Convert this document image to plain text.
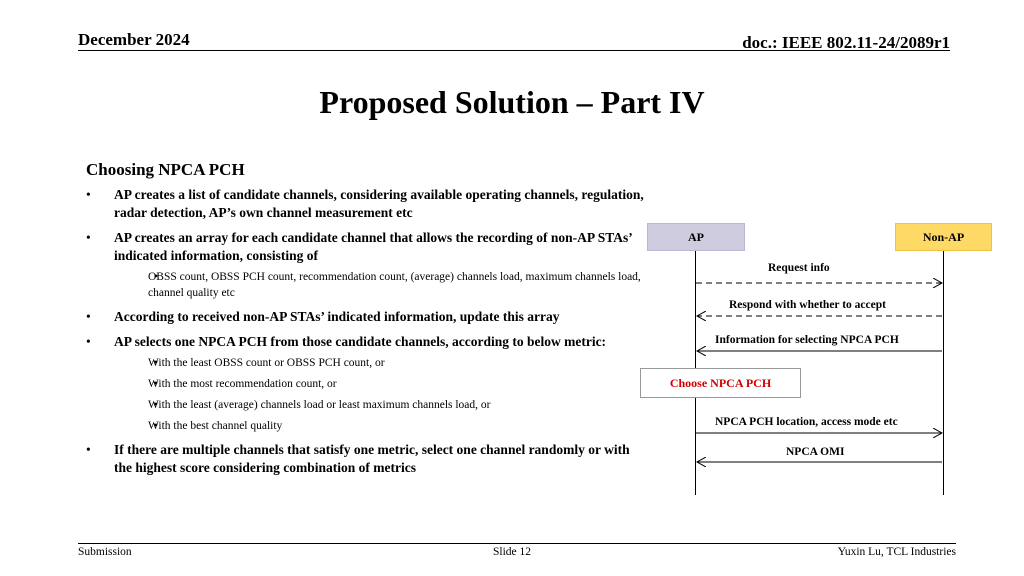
December 2024	doc.: IEEE 802.11-24/2089r1
Proposed Solution – Part IV
Choosing NPCA PCH
• AP creates a list of candidate channels, considering available operating channels, regulation, radar detection, AP’s own channel measurement etc
• AP creates an array for each candidate channel that allows the recording of non-AP STAs’ indicated information, consisting of
• OBSS count, OBSS PCH count, recommendation count, (average) channels load, maximum channels load, channel quality etc
• According to received non-AP STAs’ indicated information, update this array
• AP selects one NPCA PCH from those candidate channels, according to below metric:
• With the least OBSS count or OBSS PCH count, or
• With the most recommendation count, or
• With the least (average) channels load or least maximum channels load, or
• With the best channel quality
• If there are multiple channels that satisfy one metric, select one channel randomly or with the highest score considering combination of metrics
AP	Non-AP
Request info
Respond with whether to accept
Information for selecting NPCA PCH
Choose NPCA PCH
NPCA PCH location, access mode etc
NPCA OMI
Submission	Slide 12	Yuxin Lu, TCL Industries
